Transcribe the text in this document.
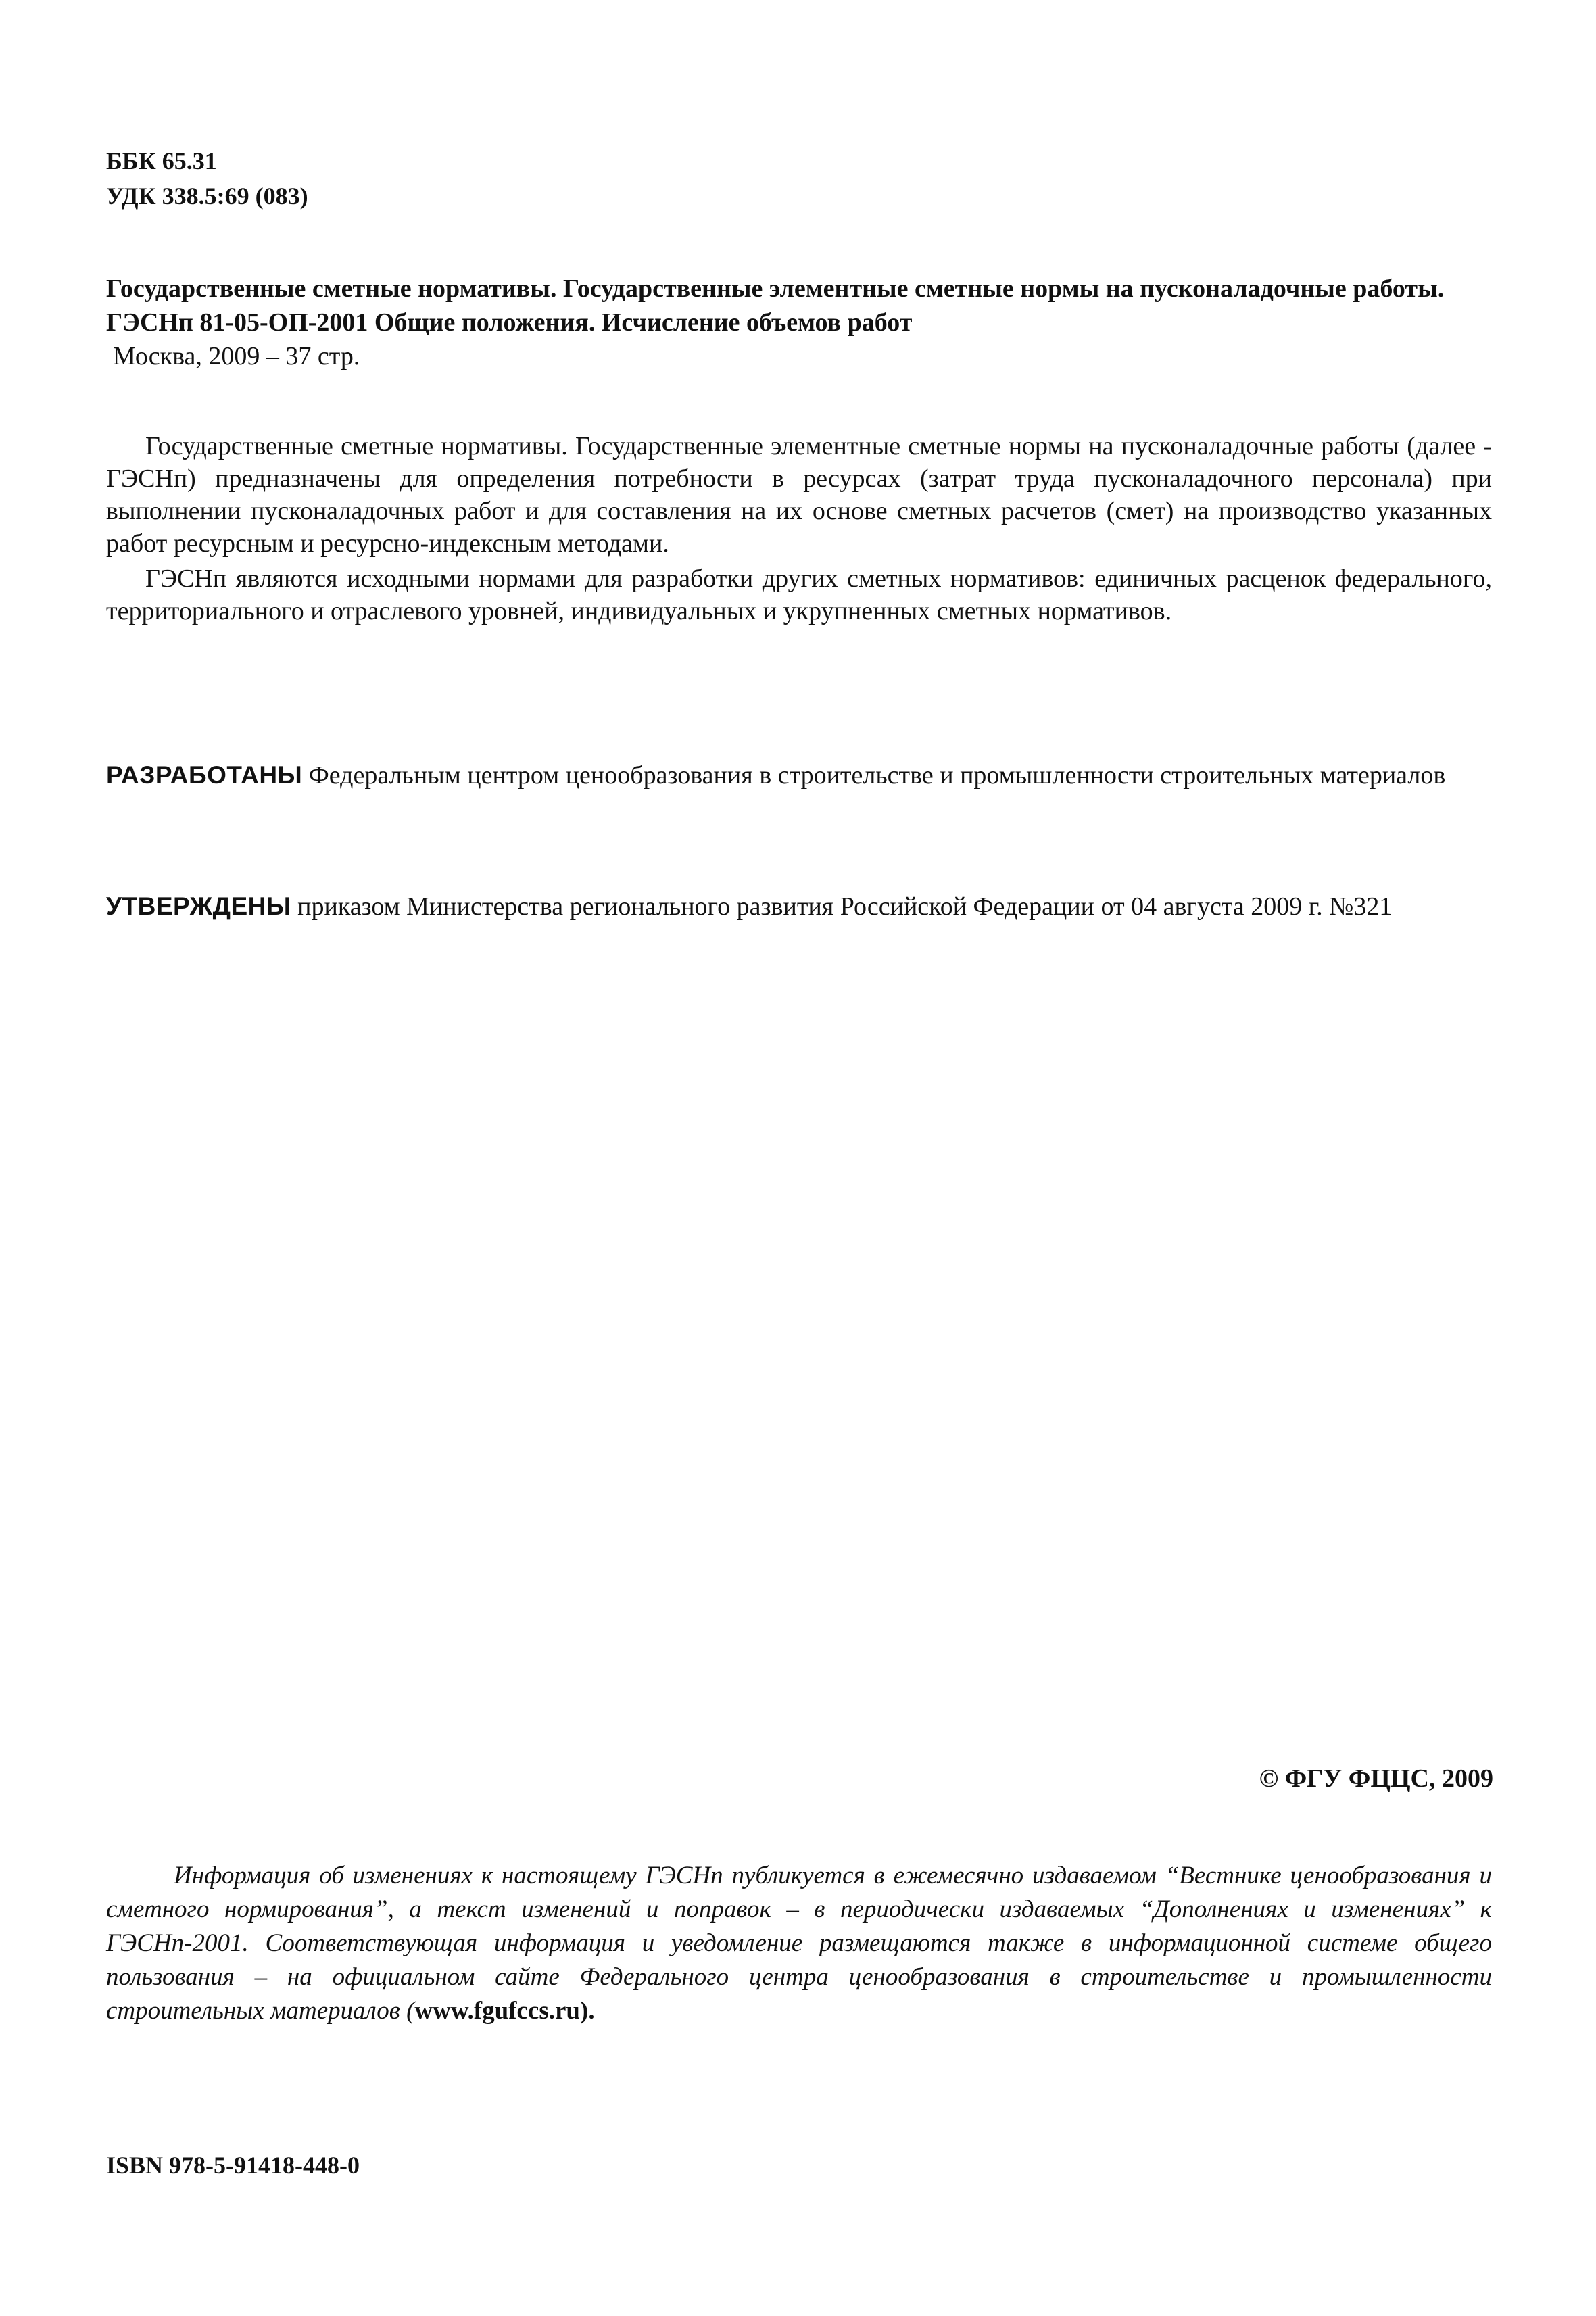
ББК 65.31
УДК 338.5:69 (083)
Государственные сметные нормативы. Государственные элементные сметные нормы на пусконаладочные работы.
ГЭСНп 81-05-ОП-2001 Общие положения. Исчисление объемов работ
Москва, 2009 – 37 стр.

Государственные сметные нормативы. Государственные элементные сметные нормы на пусконаладочные работы (далее - ГЭСНп) предназначены для определения потребности в ресурсах (затрат труда пусконаладочного персонала) при выполнении пусконаладочных работ и для составления на их основе сметных расчетов (смет) на производство указанных работ ресурсным и ресурсно-индексным методами.

ГЭСНп являются исходными нормами для разработки других сметных нормативов: единичных расценок федерального, территориального и отраслевого уровней, индивидуальных и укрупненных сметных нормативов.

РАЗРАБОТАНЫ Федеральным центром ценообразования в строительстве и промышленности строительных материалов
УТВЕРЖДЕНЫ приказом Министерства регионального развития Российской Федерации от 04 августа 2009 г. №321
© ФГУ ФЦЦС, 2009

Информация об изменениях к настоящему ГЭСНп публикуется в ежемесячно издаваемом “Вестнике ценообразования и сметного нормирования”, а текст изменений и поправок – в периодически издаваемых “Дополнениях и изменениях” к ГЭСНп-2001. Соответствующая информация и уведомление размещаются также в информационной системе общего пользования – на официальном сайте Федерального центра ценообразования в строительстве и промышленности строительных материалов (www.fgufccs.ru).

ISBN 978-5-91418-448-0
